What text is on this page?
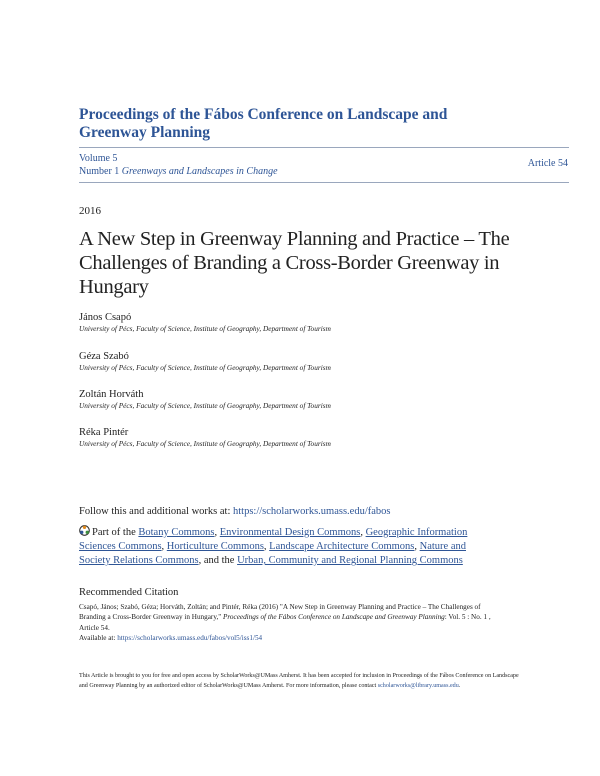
Proceedings of the Fábos Conference on Landscape and Greenway Planning
Volume 5
Number 1 Greenways and Landscapes in Change
Article 54
2016
A New Step in Greenway Planning and Practice – The Challenges of Branding a Cross-Border Greenway in Hungary
János Csapó
University of Pécs, Faculty of Science, Institute of Geography, Department of Tourism
Géza Szabó
University of Pécs, Faculty of Science, Institute of Geography, Department of Tourism
Zoltán Horváth
University of Pécs, Faculty of Science, Institute of Geography, Department of Tourism
Réka Pintér
University of Pécs, Faculty of Science, Institute of Geography, Department of Tourism
Follow this and additional works at: https://scholarworks.umass.edu/fabos
Part of the Botany Commons, Environmental Design Commons, Geographic Information Sciences Commons, Horticulture Commons, Landscape Architecture Commons, Nature and Society Relations Commons, and the Urban, Community and Regional Planning Commons
Recommended Citation
Csapó, János; Szabó, Géza; Horváth, Zoltán; and Pintér, Réka (2016) "A New Step in Greenway Planning and Practice – The Challenges of Branding a Cross-Border Greenway in Hungary," Proceedings of the Fábos Conference on Landscape and Greenway Planning: Vol. 5 : No. 1 , Article 54.
Available at: https://scholarworks.umass.edu/fabos/vol5/iss1/54
This Article is brought to you for free and open access by ScholarWorks@UMass Amherst. It has been accepted for inclusion in Proceedings of the Fábos Conference on Landscape and Greenway Planning by an authorized editor of ScholarWorks@UMass Amherst. For more information, please contact scholarworks@library.umass.edu.
